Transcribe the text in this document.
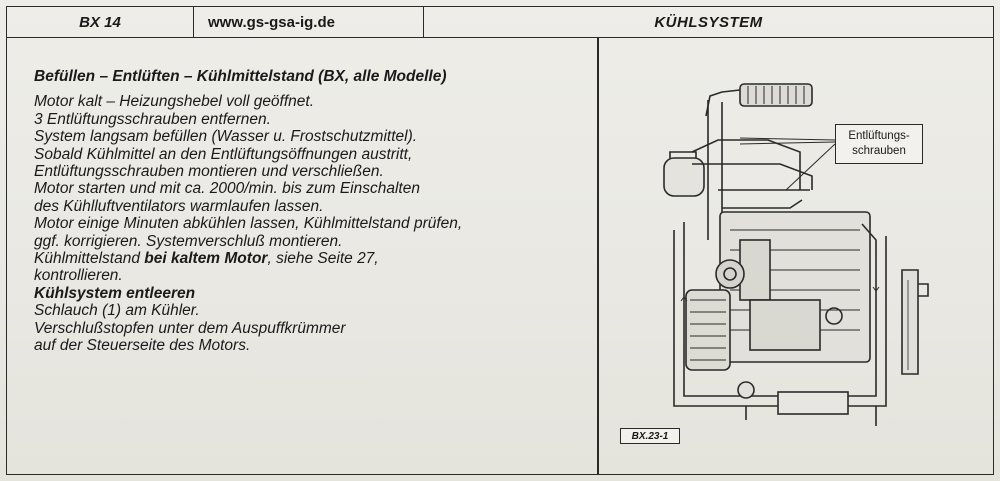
BX 14	www.gs-gsa-ig.de	KÜHLSYSTEM
Befüllen – Entlüften – Kühlmittelstand (BX, alle Modelle)
Motor kalt – Heizungshebel voll geöffnet.
3 Entlüftungsschrauben entfernen.
System langsam befüllen (Wasser u. Frostschutzmittel).
Sobald Kühlmittel an den Entlüftungsöffnungen austritt,
Entlüftungsschrauben montieren und verschließen.
Motor starten und mit ca. 2000/min. bis zum Einschalten
des Kühlluftventilators warmlaufen lassen.
Motor einige Minuten abkühlen lassen, Kühlmittelstand prüfen,
ggf. korrigieren. Systemverschluß montieren.
Kühlmittelstand bei kaltem Motor, siehe Seite 27,
kontrollieren.
Kühlsystem entleeren
Schlauch (1) am Kühler.
Verschlußstopfen unter dem Auspuffkrümmer
auf der Steuerseite des Motors.
Entlüftungs-
schrauben
BX.23-1
